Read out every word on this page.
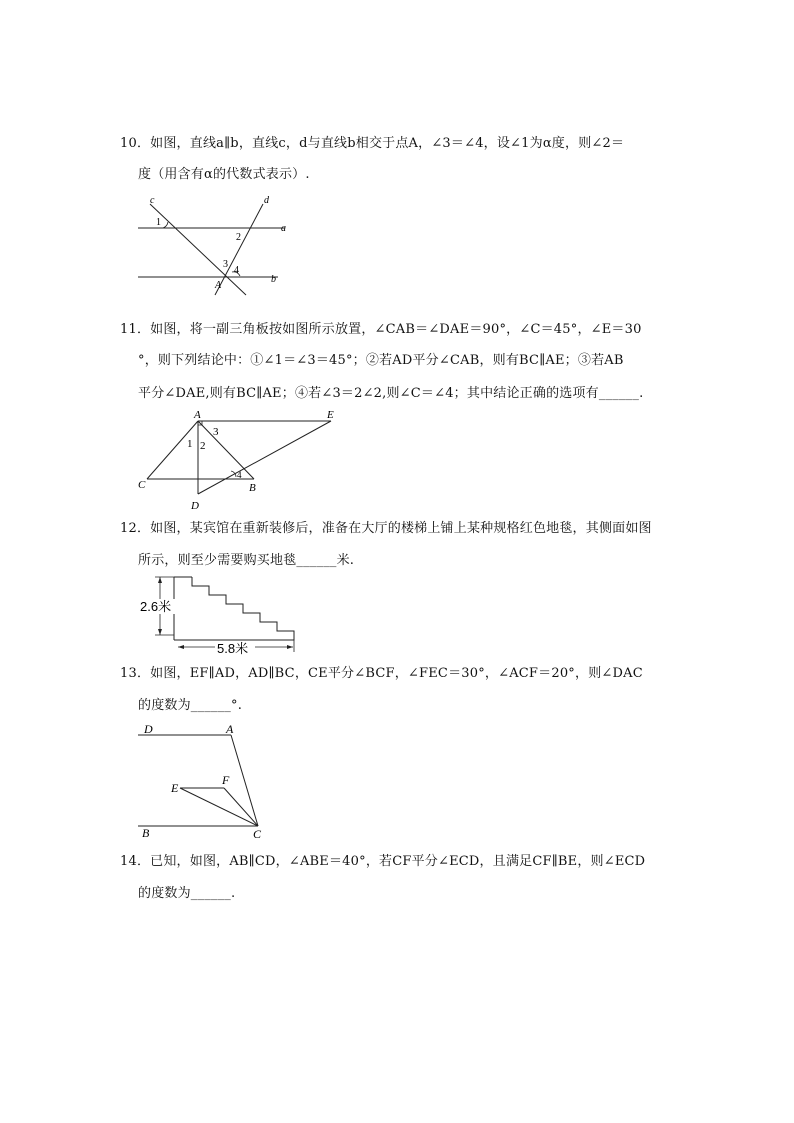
10．如图，直线a∥b，直线c，d与直线b相交于点A，∠3＝∠4，设∠1为α度，则∠2＝
度（用含有α的代数式表示）.
c	d
a
b
1
2
3
4
A
11．如图，将一副三角板按如图所示放置，∠CAB＝∠DAE＝90°，∠C＝45°，∠E＝30
°，则下列结论中：①∠1＝∠3＝45°；②若AD平分∠CAB，则有BC∥AE；③若AB
平分∠DAE,则有BC∥AE；④若∠3＝2∠2,则∠C＝∠4；其中结论正确的选项有______.
A	E
C	B
D
1 2
3
4
12．如图，某宾馆在重新装修后，准备在大厅的楼梯上铺上某种规格红色地毯，其侧面如图
所示，则至少需要购买地毯______米.
2.6米
5.8米
13．如图，EF∥AD，AD∥BC，CE平分∠BCF，∠FEC＝30°，∠ACF＝20°，则∠DAC
的度数为______°.
D	A
E
F
B	C
14．已知，如图，AB∥CD，∠ABE＝40°，若CF平分∠ECD，且满足CF∥BE，则∠ECD
的度数为______.
